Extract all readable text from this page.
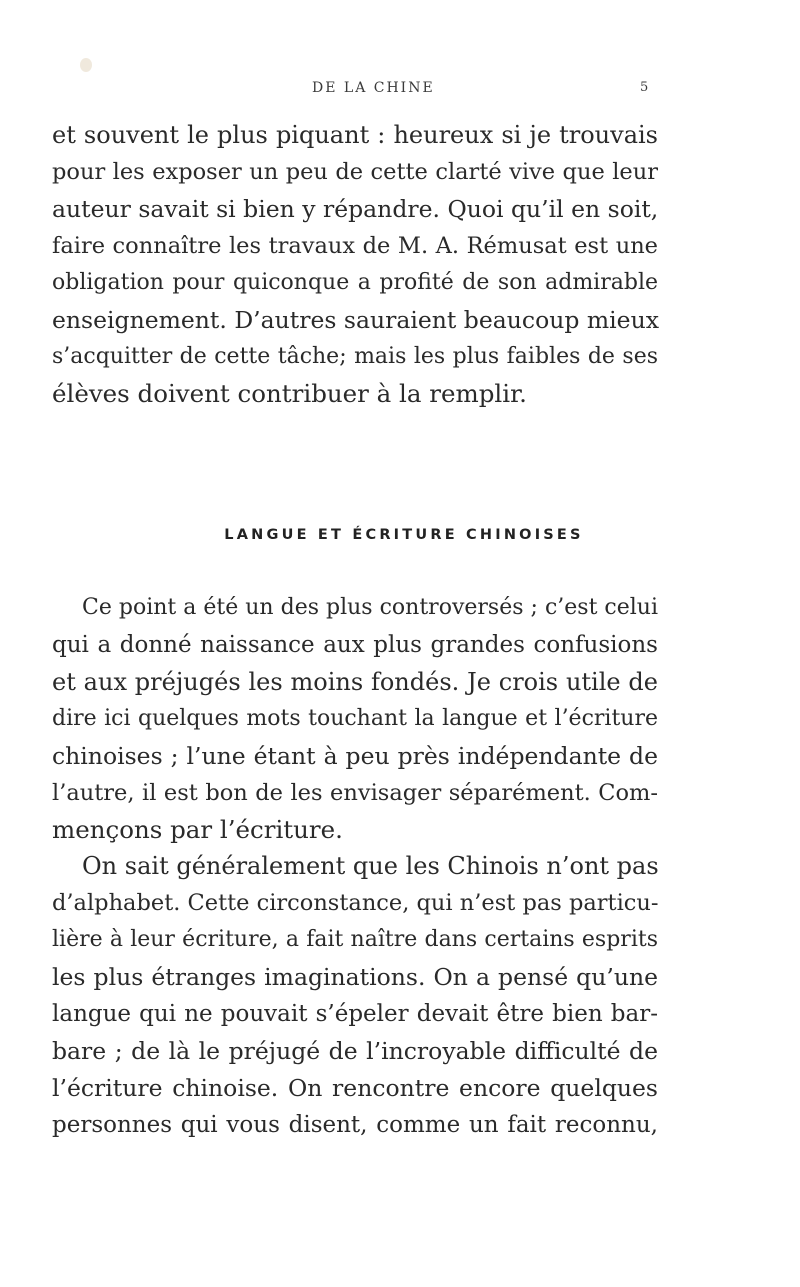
DE LA CHINE	5
et souvent le plus piquant : heureux si je trouvais
pour les exposer un peu de cette clarté vive que leur
auteur savait si bien y répandre. Quoi qu’il en soit,
faire connaître les travaux de M. A. Rémusat est une
obligation pour quiconque a profité de son admirable
enseignement. D’autres sauraient beaucoup mieux
s’acquitter de cette tâche; mais les plus faibles de ses
élèves doivent contribuer à la remplir.
LANGUE ET ÉCRITURE CHINOISES
Ce point a été un des plus controversés ; c’est celui
qui a donné naissance aux plus grandes confusions
et aux préjugés les moins fondés. Je crois utile de
dire ici quelques mots touchant la langue et l’écriture
chinoises ; l’une étant à peu près indépendante de
l’autre, il est bon de les envisager séparément. Com-
mençons par l’écriture.
On sait généralement que les Chinois n’ont pas
d’alphabet. Cette circonstance, qui n’est pas particu-
lière à leur écriture, a fait naître dans certains esprits
les plus étranges imaginations. On a pensé qu’une
langue qui ne pouvait s’épeler devait être bien bar-
bare ; de là le préjugé de l’incroyable difficulté de
l’écriture chinoise. On rencontre encore quelques
personnes qui vous disent, comme un fait reconnu,
